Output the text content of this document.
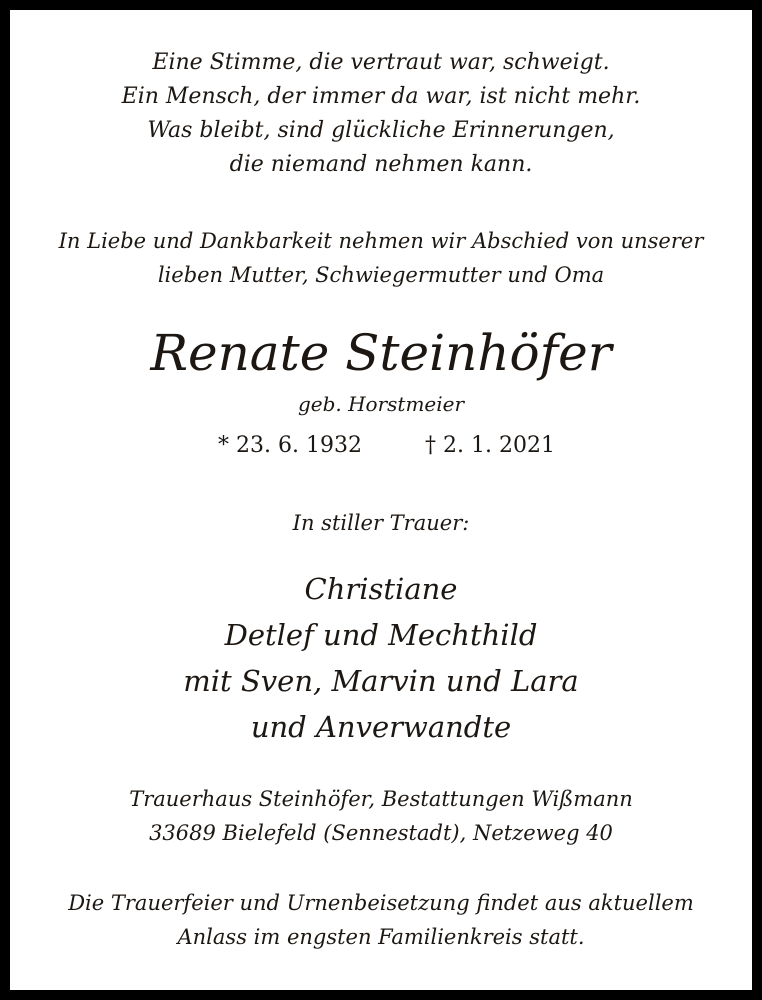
Eine Stimme, die vertraut war, schweigt.
Ein Mensch, der immer da war, ist nicht mehr.
Was bleibt, sind glückliche Erinnerungen,
die niemand nehmen kann.
In Liebe und Dankbarkeit nehmen wir Abschied von unserer
lieben Mutter, Schwiegermutter und Oma
Renate Steinhöfer
geb. Horstmeier
* 23. 6. 1932	† 2. 1. 2021
In stiller Trauer:
Christiane
Detlef und Mechthild
mit Sven, Marvin und Lara
und Anverwandte
Trauerhaus Steinhöfer, Bestattungen Wißmann
33689 Bielefeld (Sennestadt), Netzeweg 40
Die Trauerfeier und Urnenbeisetzung findet aus aktuellem
Anlass im engsten Familienkreis statt.
